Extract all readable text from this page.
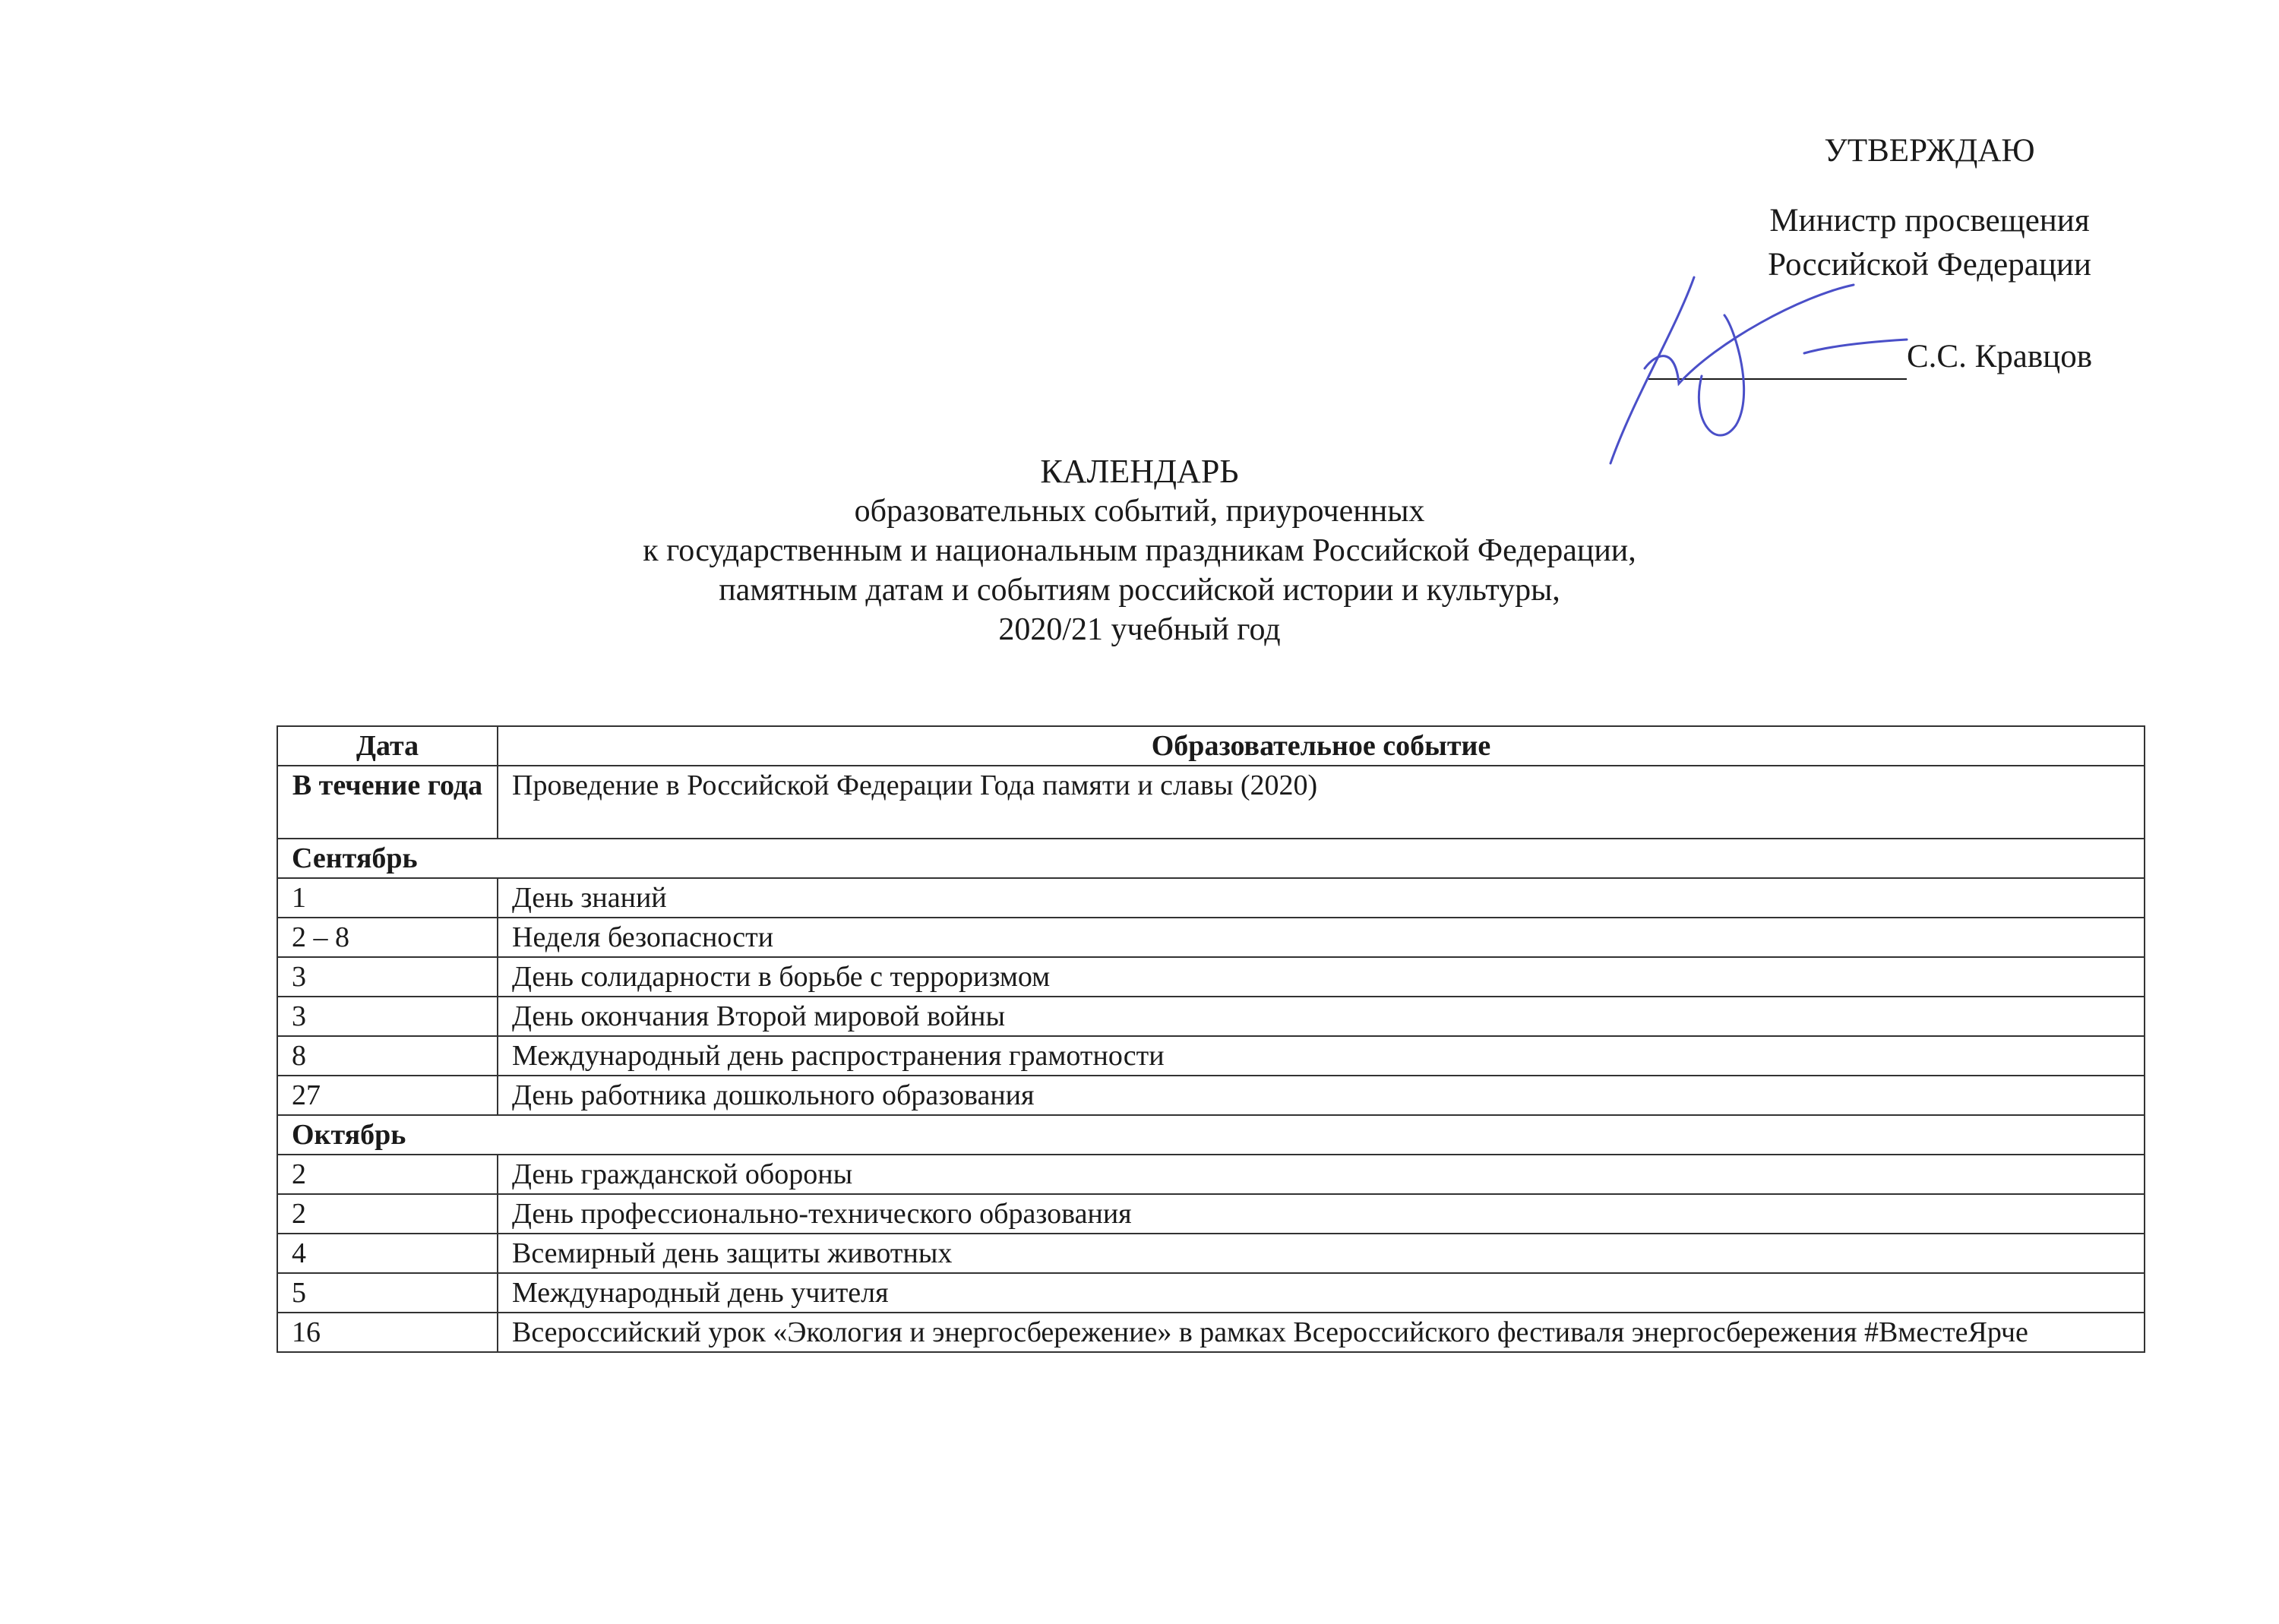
УТВЕРЖДАЮ
Министр просвещения
Российской Федерации
С.С. Кравцов
КАЛЕНДАРЬ
образовательных событий, приуроченных
к государственным и национальным праздникам Российской Федерации,
памятным датам и событиям российской истории и культуры,
2020/21 учебный год
Дата	Образовательное событие
В течение года	Проведение в Российской Федерации Года памяти и славы (2020)
Сентябрь	
1	День знаний
2 – 8	Неделя безопасности
3	День солидарности в борьбе с терроризмом
3	День окончания Второй мировой войны
8	Международный день распространения грамотности
27	День работника дошкольного образования
Октябрь	
2	День гражданской обороны
2	День профессионально-технического образования
4	Всемирный день защиты животных
5	Международный день учителя
16	Всероссийский урок «Экология и энергосбережение» в рамках Всероссийского фестиваля энергосбережения #ВместеЯрче
